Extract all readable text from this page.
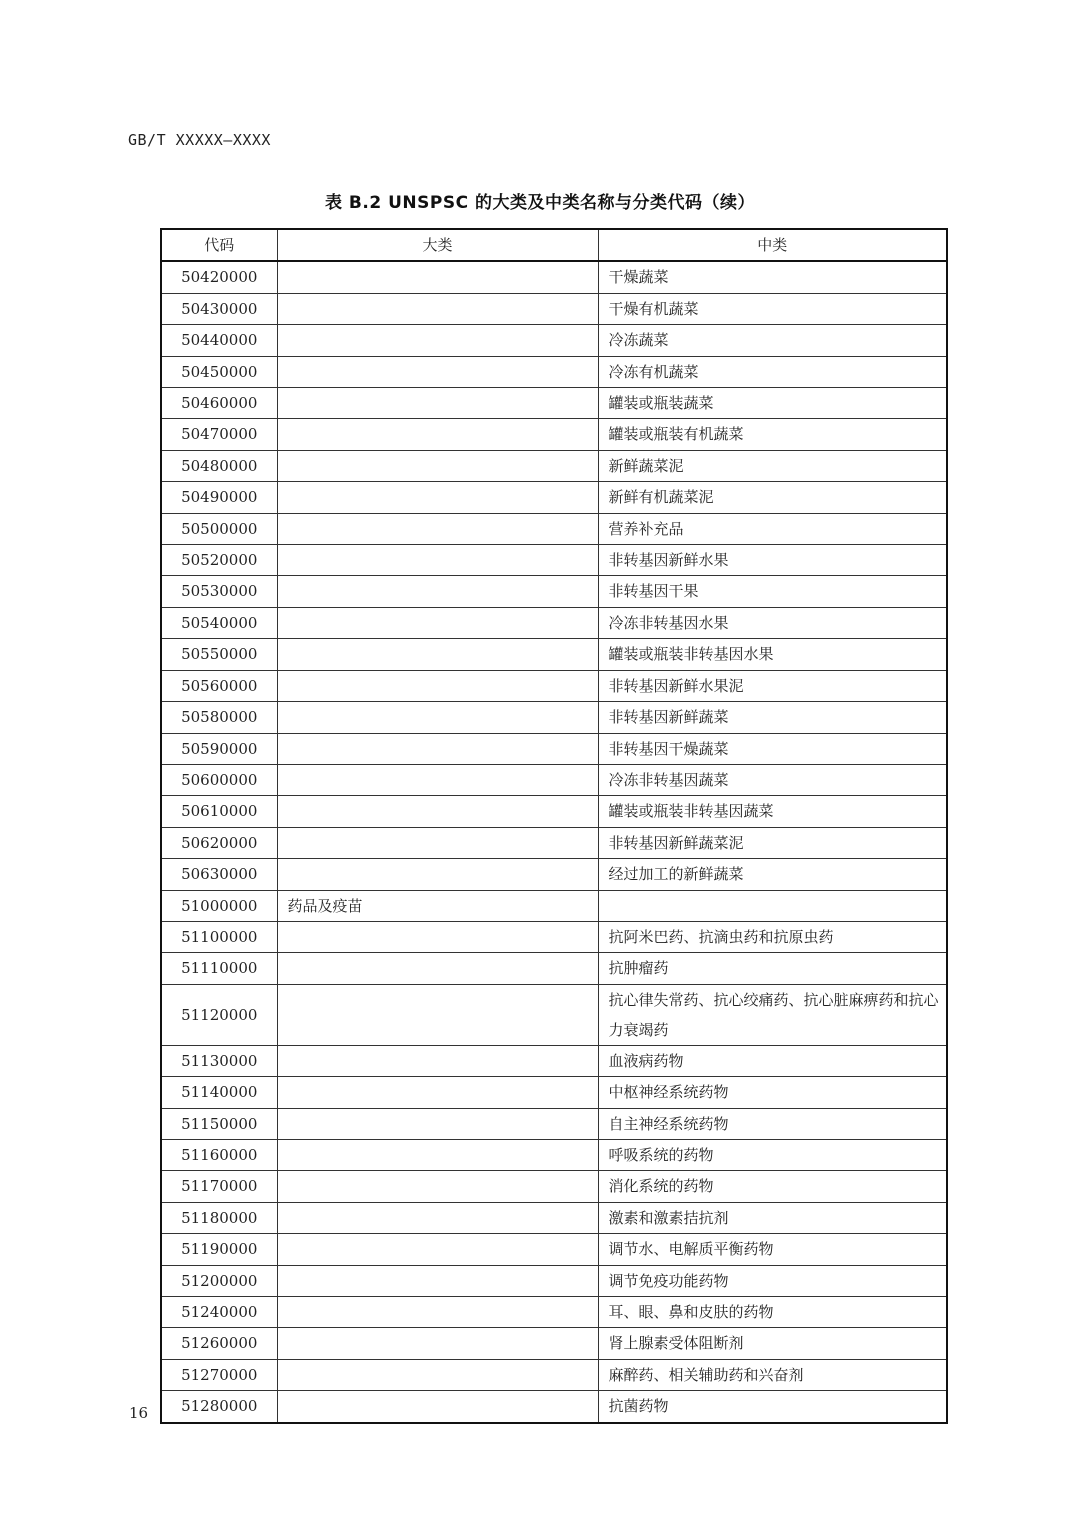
GB/T XXXXX—XXXX
表 B.2 UNSPSC 的大类及中类名称与分类代码（续）
代码	大类	中类
50420000		干燥蔬菜
50430000		干燥有机蔬菜
50440000		冷冻蔬菜
50450000		冷冻有机蔬菜
50460000		罐装或瓶装蔬菜
50470000		罐装或瓶装有机蔬菜
50480000		新鲜蔬菜泥
50490000		新鲜有机蔬菜泥
50500000		营养补充品
50520000		非转基因新鲜水果
50530000		非转基因干果
50540000		冷冻非转基因水果
50550000		罐装或瓶装非转基因水果
50560000		非转基因新鲜水果泥
50580000		非转基因新鲜蔬菜
50590000		非转基因干燥蔬菜
50600000		冷冻非转基因蔬菜
50610000		罐装或瓶装非转基因蔬菜
50620000		非转基因新鲜蔬菜泥
50630000		经过加工的新鲜蔬菜
51000000	药品及疫苗	
51100000		抗阿米巴药、抗滴虫药和抗原虫药
51110000		抗肿瘤药
51120000		抗心律失常药、抗心绞痛药、抗心脏麻痹药和抗心力衰竭药
51130000		血液病药物
51140000		中枢神经系统药物
51150000		自主神经系统药物
51160000		呼吸系统的药物
51170000		消化系统的药物
51180000		激素和激素拮抗剂
51190000		调节水、电解质平衡药物
51200000		调节免疫功能药物
51240000		耳、眼、鼻和皮肤的药物
51260000		肾上腺素受体阻断剂
51270000		麻醉药、相关辅助药和兴奋剂
51280000		抗菌药物
16
